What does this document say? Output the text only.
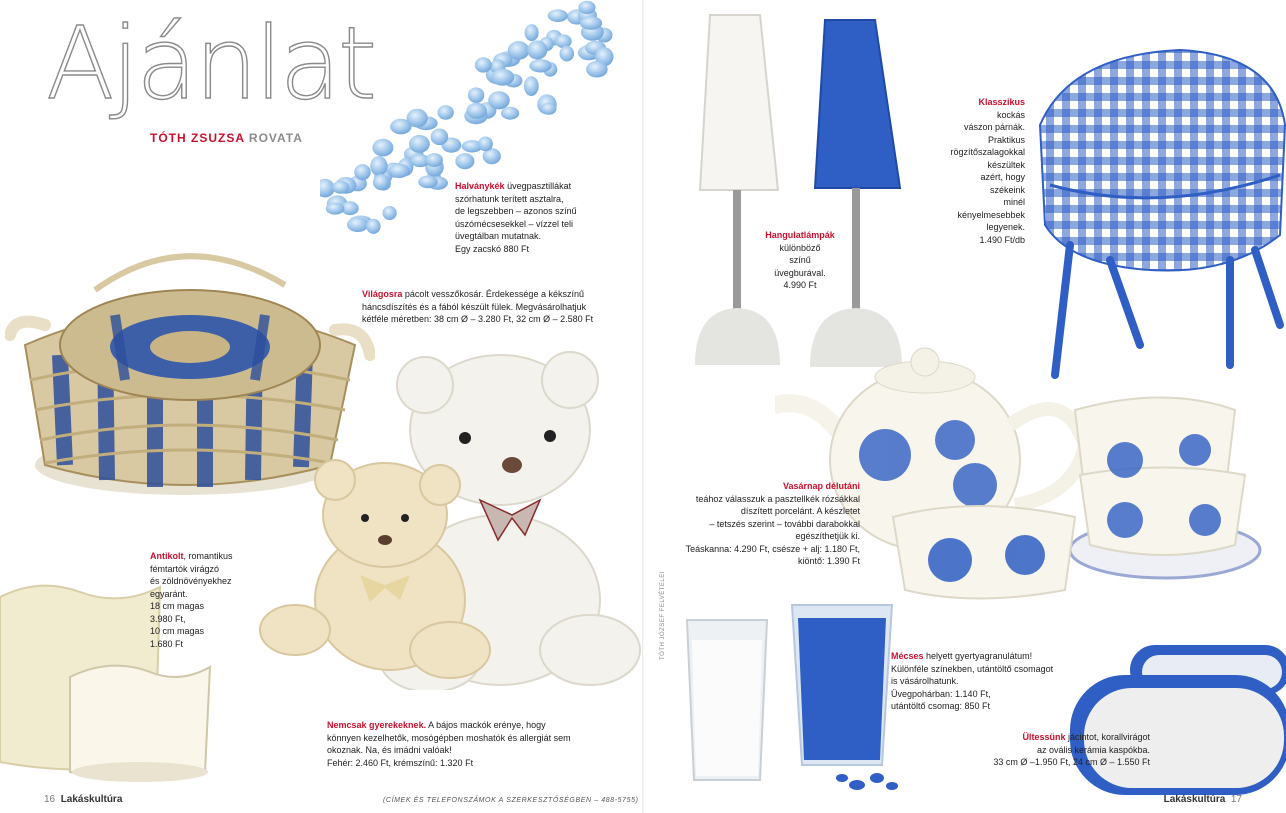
Ajánlat
TÓTH ZSUZSA ROVATA
Halványkék üvegpasztillákat

szórhatunk terített asztalra,

de legszebben – azonos színű

úszómécsesekkel – vízzel teli

üvegtálban mutatnak.

Egy zacskó 880 Ft

Világosra pácolt vesszőkosár. Érdekessége a kékszínű

háncsdíszítés és a fából készült fülek. Megvásárolhatjuk

kétféle méretben: 38 cm Ø – 3.280 Ft, 32 cm Ø – 2.580 Ft

Antikolt, romantikus

fémtartók virágzó

és zöldnövényekhez

egyaránt.

18 cm magas

3.980 Ft,

10 cm magas

1.680 Ft

Nemcsak gyerekeknek. A bájos mackók erénye, hogy

könnyen kezelhetők, mosógépben moshatók és allergiát sem

okoznak. Na, és imádni valóak!

Fehér: 2.460 Ft, krémszínű: 1.320 Ft

Hangulatlámpák

különböző

színű

üvegburával.

4.990 Ft

Klasszikus

kockás

vászon párnák.

Praktikus

rögzítőszalagokkal

készültek

azért, hogy

székeink

minél

kényelmesebbek

legyenek.

1.490 Ft/db

Vasárnap délutáni

teához válasszuk a pasztellkék rózsákkal

díszített porcelánt. A készletet

– tetszés szerint – további darabokkal

egészíthetjük ki.

Teáskanna: 4.290 Ft, csésze + alj: 1.180 Ft,

kiöntő: 1.390 Ft

Mécses helyett gyertyagranulátum!

Különféle színekben, utántöltő csomagot

is vásárolhatunk.

Üvegpohárban: 1.140 Ft,

utántöltő csomag: 850 Ft

Ültessünk jácintot, korallvirágot

az ovális kerámia kaspókba.

33 cm Ø –1.950 Ft, 24 cm Ø – 1.550 Ft

TÓTH JÓZSEF FELVÉTELEI
16 Lakáskultúra	(CÍMEK ÉS TELEFONSZÁMOK A SZERKESZTŐSÉGBEN – 488-5755)	Lakáskultúra 17
